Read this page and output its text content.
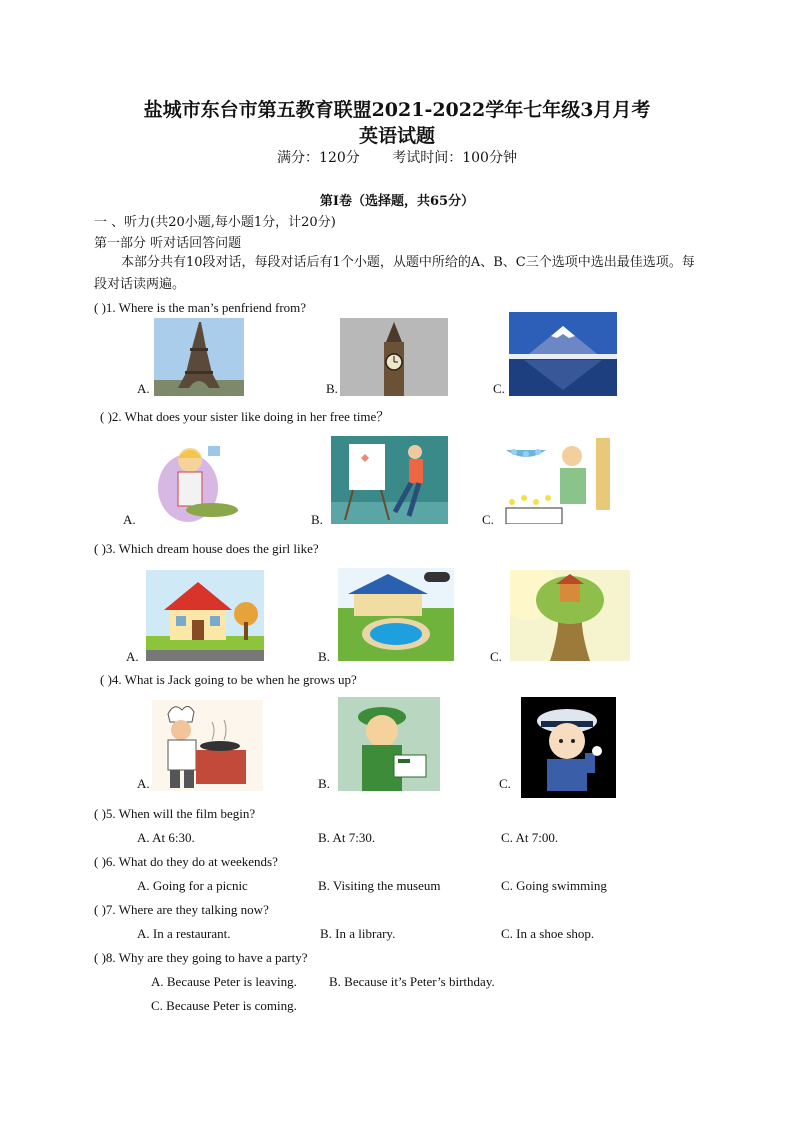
盐城市东台市第五教育联盟2021-2022学年七年级3月月考
英语试题
满分：120分 考试时间：100分钟
第Ⅰ卷（选择题，共65分）
一 、听力(共20小题,每小题1分，计20分)
第一部分 听对话回答问题
本部分共有10段对话，每段对话后有1个小题，从题中所给的A、B、C三个选项中选出最佳选项。每段对话读两遍。
( )1. Where is the man’s penfriend from?
A.	B.	C.
( )2. What does your sister like doing in her free time？
A.	B.	C.
( )3. Which dream house does the girl like?
A.	B.	C.
( )4. What is Jack going to be when he grows up?
A.	B.	C.
( )5. When will the film begin?
A. At 6:30.	B. At 7:30.	C. At 7:00.
( )6. What do they do at weekends?
A. Going for a picnic	B. Visiting the museum	C. Going swimming
( )7. Where are they talking now?
A. In a restaurant.	B. In a library.	C. In a shoe shop.
( )8. Why are they going to have a party?
A. Because Peter is leaving. B. Because it’s Peter’s birthday.
C. Because Peter is coming.
